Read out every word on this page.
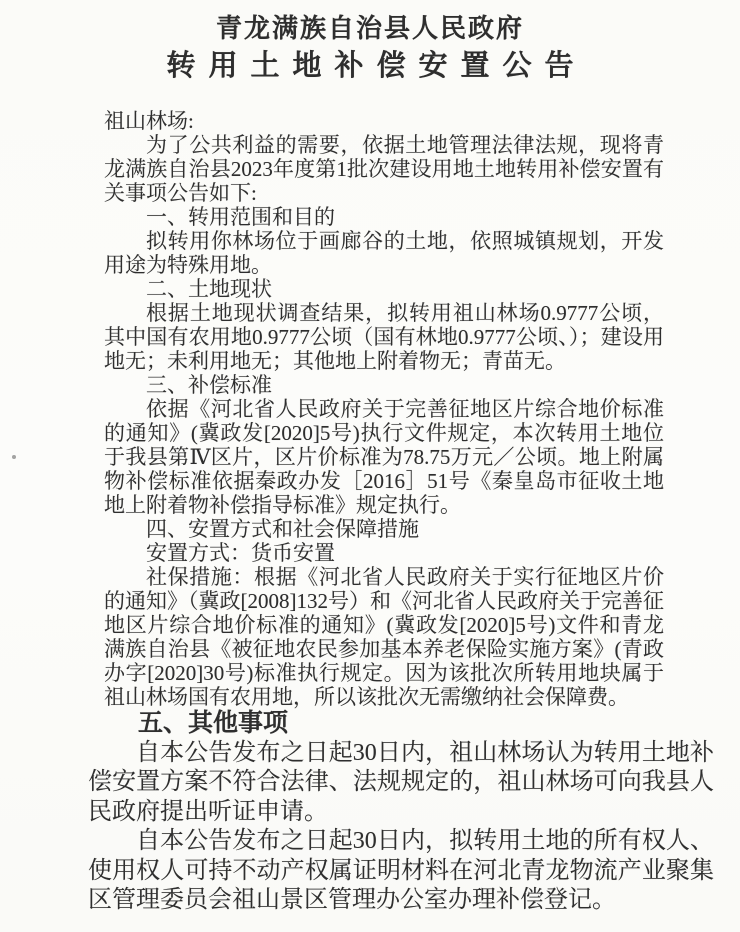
青龙满族自治县人民政府
转用土地补偿安置公告

祖山林场:

为了公共利益的需要，依据土地管理法律法规，现将青龙满族自治县2023年度第1批次建设用地土地转用补偿安置有关事项公告如下:

一、转用范围和目的

拟转用你林场位于画廊谷的土地，依照城镇规划，开发用途为特殊用地。

二、土地现状

根据土地现状调查结果，拟转用祖山林场0.9777公顷，其中国有农用地0.9777公顷（国有林地0.9777公顷、）；建设用地无；未利用地无；其他地上附着物无；青苗无。

三、补偿标准

依据《河北省人民政府关于完善征地区片综合地价标准的通知》(冀政发[2020]5号)执行文件规定，本次转用土地位于我县第Ⅳ区片，区片价标准为78.75万元／公顷。地上附属物补偿标准依据秦政办发［2016］51号《秦皇岛市征收土地地上附着物补偿指导标准》规定执行。

四、安置方式和社会保障措施

安置方式：货币安置

社保措施：根据《河北省人民政府关于实行征地区片价的通知》（冀政[2008]132号）和《河北省人民政府关于完善征地区片综合地价标准的通知》(冀政发[2020]5号)文件和青龙满族自治县《被征地农民参加基本养老保险实施方案》(青政办字[2020]30号)标准执行规定。因为该批次所转用地块属于祖山林场国有农用地，所以该批次无需缴纳社会保障费。

五、其他事项

自本公告发布之日起30日内，祖山林场认为转用土地补偿安置方案不符合法律、法规规定的，祖山林场可向我县人民政府提出听证申请。

自本公告发布之日起30日内，拟转用土地的所有权人、使用权人可持不动产权属证明材料在河北青龙物流产业聚集区管理委员会祖山景区管理办公室办理补偿登记。
